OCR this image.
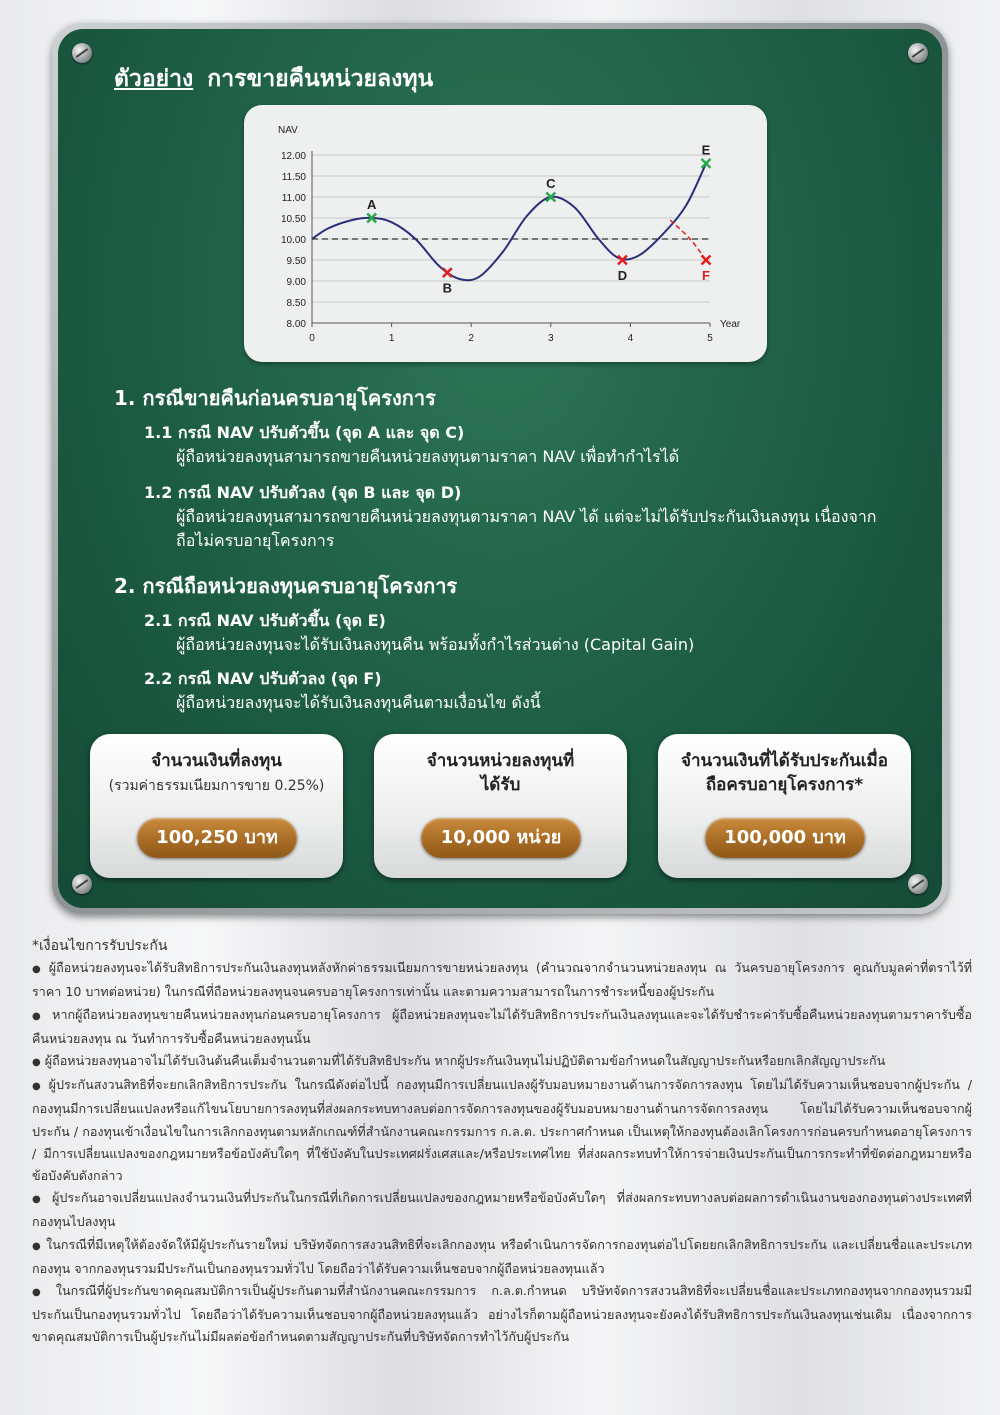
ตัวอย่าง การขายคืนหน่วยลงทุน
12.00
11.50
11.00
10.50
10.00
9.50
9.00
8.50
8.00
0	1	2	3	4	5
NAV
Year
A
B
C
D
E
F
1. กรณีขายคืนก่อนครบอายุโครงการ
1.1 กรณี NAV ปรับตัวขึ้น (จุด A และ จุด C)
ผู้ถือหน่วยลงทุนสามารถขายคืนหน่วยลงทุนตามราคา NAV เพื่อทำกำไรได้
1.2 กรณี NAV ปรับตัวลง (จุด B และ จุด D)
ผู้ถือหน่วยลงทุนสามารถขายคืนหน่วยลงทุนตามราคา NAV ได้ แต่จะไม่ได้รับประกันเงินลงทุน เนื่องจากถือไม่ครบอายุโครงการ
2. กรณีถือหน่วยลงทุนครบอายุโครงการ
2.1 กรณี NAV ปรับตัวขึ้น (จุด E)
ผู้ถือหน่วยลงทุนจะได้รับเงินลงทุนคืน พร้อมทั้งกำไรส่วนต่าง (Capital Gain)
2.2 กรณี NAV ปรับตัวลง (จุด F)
ผู้ถือหน่วยลงทุนจะได้รับเงินลงทุนคืนตามเงื่อนไข ดังนี้
จำนวนเงินที่ลงทุน
(รวมค่าธรรมเนียมการขาย 0.25%)
100,250 บาท
จำนวนหน่วยลงทุนที่ได้รับ
10,000 หน่วย
จำนวนเงินที่ได้รับประกันเมื่อถือครบอายุโครงการ*
100,000 บาท
*เงื่อนไขการรับประกัน
● ผู้ถือหน่วยลงทุนจะได้รับสิทธิการประกันเงินลงทุนหลังหักค่าธรรมเนียมการขายหน่วยลงทุน (คำนวณจากจำนวนหน่วยลงทุน ณ วันครบอายุโครงการ คูณกับมูลค่าที่ตราไว้ที่ราคา 10 บาทต่อหน่วย) ในกรณีที่ถือหน่วยลงทุนจนครบอายุโครงการเท่านั้น และตามความสามารถในการชำระหนี้ของผู้ประกัน
● หากผู้ถือหน่วยลงทุนขายคืนหน่วยลงทุนก่อนครบอายุโครงการ ผู้ถือหน่วยลงทุนจะไม่ได้รับสิทธิการประกันเงินลงทุนและจะได้รับชำระค่ารับซื้อคืนหน่วยลงทุนตามราคารับซื้อคืนหน่วยลงทุน ณ วันทำการรับซื้อคืนหน่วยลงทุนนั้น
● ผู้ถือหน่วยลงทุนอาจไม่ได้รับเงินต้นคืนเต็มจำนวนตามที่ได้รับสิทธิประกัน หากผู้ประกันเงินทุนไม่ปฏิบัติตามข้อกำหนดในสัญญาประกันหรือยกเลิกสัญญาประกัน
● ผู้ประกันสงวนสิทธิที่จะยกเลิกสิทธิการประกัน ในกรณีดังต่อไปนี้ กองทุนมีการเปลี่ยนแปลงผู้รับมอบหมายงานด้านการจัดการลงทุน โดยไม่ได้รับความเห็นชอบจากผู้ประกัน / กองทุนมีการเปลี่ยนแปลงหรือแก้ไขนโยบายการลงทุนที่ส่งผลกระทบทางลบต่อการจัดการลงทุนของผู้รับมอบหมายงานด้านการจัดการลงทุน โดยไม่ได้รับความเห็นชอบจากผู้ประกัน / กองทุนเข้าเงื่อนไขในการเลิกกองทุนตามหลักเกณฑ์ที่สำนักงานคณะกรรมการ ก.ล.ต. ประกาศกำหนด เป็นเหตุให้กองทุนต้องเลิกโครงการก่อนครบกำหนดอายุโครงการ / มีการเปลี่ยนแปลงของกฎหมายหรือข้อบังคับใดๆ ที่ใช้บังคับในประเทศฝรั่งเศสและ/หรือประเทศไทย ที่ส่งผลกระทบทำให้การจ่ายเงินประกันเป็นการกระทำที่ขัดต่อกฎหมายหรือข้อบังคับดังกล่าว
● ผู้ประกันอาจเปลี่ยนแปลงจำนวนเงินที่ประกันในกรณีที่เกิดการเปลี่ยนแปลงของกฎหมายหรือข้อบังคับใดๆ ที่ส่งผลกระทบทางลบต่อผลการดำเนินงานของกองทุนต่างประเทศที่กองทุนไปลงทุน
● ในกรณีที่มีเหตุให้ต้องจัดให้มีผู้ประกันรายใหม่ บริษัทจัดการสงวนสิทธิที่จะเลิกกองทุน หรือดำเนินการจัดการกองทุนต่อไปโดยยกเลิกสิทธิการประกัน และเปลี่ยนชื่อและประเภทกองทุน จากกองทุนรวมมีประกันเป็นกองทุนรวมทั่วไป โดยถือว่าได้รับความเห็นชอบจากผู้ถือหน่วยลงทุนแล้ว
● ในกรณีที่ผู้ประกันขาดคุณสมบัติการเป็นผู้ประกันตามที่สำนักงานคณะกรรมการ ก.ล.ต.กำหนด บริษัทจัดการสงวนสิทธิที่จะเปลี่ยนชื่อและประเภทกองทุนจากกองทุนรวมมีประกันเป็นกองทุนรวมทั่วไป โดยถือว่าได้รับความเห็นชอบจากผู้ถือหน่วยลงทุนแล้ว อย่างไรก็ตามผู้ถือหน่วยลงทุนจะยังคงได้รับสิทธิการประกันเงินลงทุนเช่นเดิม เนื่องจากการขาดคุณสมบัติการเป็นผู้ประกันไม่มีผลต่อข้อกำหนดตามสัญญาประกันที่บริษัทจัดการทำไว้กับผู้ประกัน
